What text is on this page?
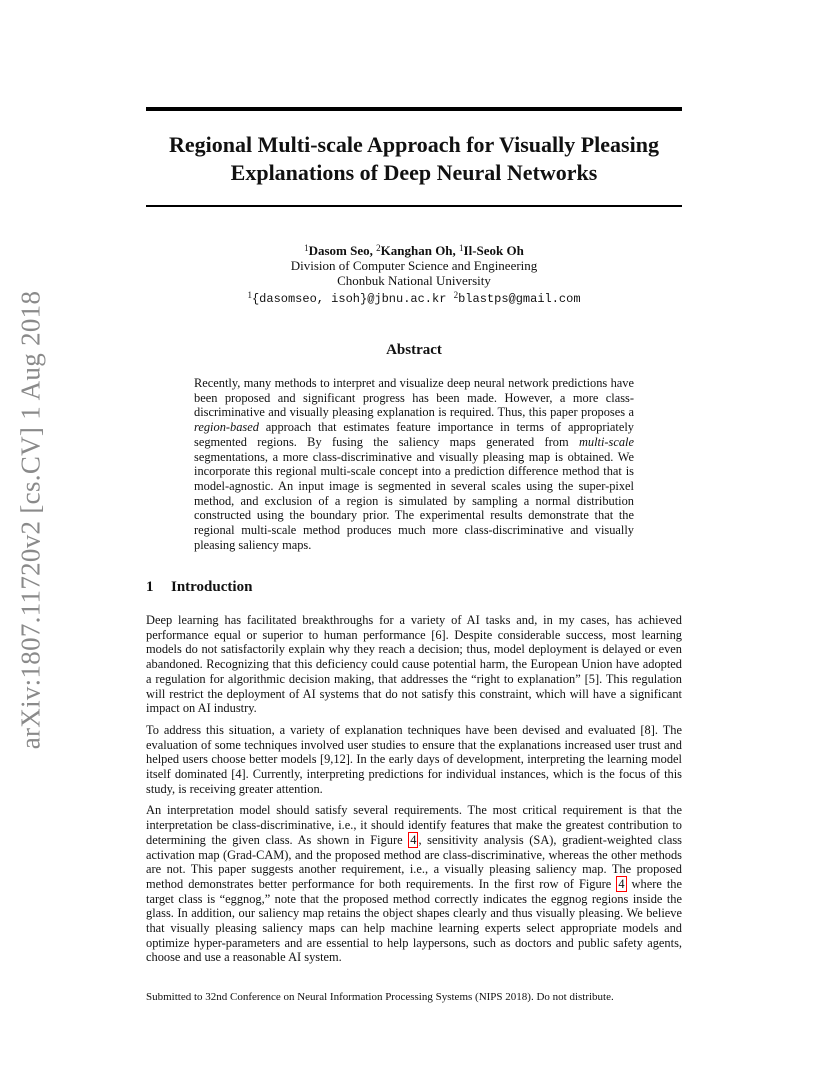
arXiv:1807.11720v2 [cs.CV] 1 Aug 2018
Regional Multi-scale Approach for Visually Pleasing
Explanations of Deep Neural Networks
$^1$Dasom Seo, $^2$Kanghan Oh, $^1$Il-Seok Oh
Division of Computer Science and Engineering
Chonbuk National University
$^1${dasomseo, isoh}@jbnu.ac.kr $^2$blastps@gmail.com
Abstract
Recently, many methods to interpret and visualize deep neural network predictions have been proposed and significant progress has been made. However, a more class-discriminative and visually pleasing explanation is required. Thus, this paper proposes a region-based approach that estimates feature importance in terms of appropriately segmented regions. By fusing the saliency maps generated from multi-scale segmentations, a more class-discriminative and visually pleasing map is obtained. We incorporate this regional multi-scale concept into a prediction difference method that is model-agnostic. An input image is segmented in several scales using the super-pixel method, and exclusion of a region is simulated by sampling a normal distribution constructed using the boundary prior. The experimental results demonstrate that the regional multi-scale method produces much more class-discriminative and visually pleasing saliency maps.
1 Introduction

Deep learning has facilitated breakthroughs for a variety of AI tasks and, in my cases, has achieved performance equal or superior to human performance [6]. Despite considerable success, most learning models do not satisfactorily explain why they reach a decision; thus, model deployment is delayed or even abandoned. Recognizing that this deficiency could cause potential harm, the European Union have adopted a regulation for algorithmic decision making, that addresses the “right to explanation” [5]. This regulation will restrict the deployment of AI systems that do not satisfy this constraint, which will have a significant impact on AI industry.

To address this situation, a variety of explanation techniques have been devised and evaluated [8]. The evaluation of some techniques involved user studies to ensure that the explanations increased user trust and helped users choose better models [9,12]. In the early days of development, interpreting the learning model itself dominated [4]. Currently, interpreting predictions for individual instances, which is the focus of this study, is receiving greater attention.

An interpretation model should satisfy several requirements. The most critical requirement is that the interpretation be class-discriminative, i.e., it should identify features that make the greatest contribution to determining the given class. As shown in Figure 4 , sensitivity analysis (SA), gradient-weighted class activation map (Grad-CAM), and the proposed method are class-discriminative, whereas the other methods are not. This paper suggests another requirement, i.e., a visually pleasing saliency map. The proposed method demonstrates better performance for both requirements. In the first row of Figure 4 where the target class is “eggnog,” note that the proposed method correctly indicates the eggnog regions inside the glass. In addition, our saliency map retains the object shapes clearly and thus visually pleasing. We believe that visually pleasing saliency maps can help machine learning experts select appropriate models and optimize hyper-parameters and are essential to help laypersons, such as doctors and public safety agents, choose and use a reasonable AI system.

Submitted to 32nd Conference on Neural Information Processing Systems (NIPS 2018). Do not distribute.
